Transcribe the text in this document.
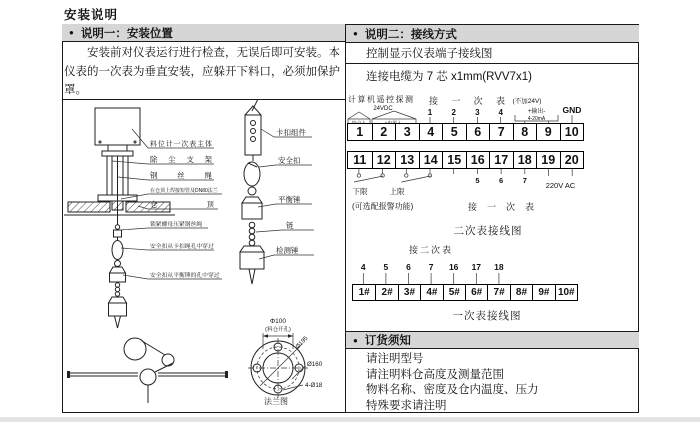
安装说明
● 说明一：安装位置
安装前对仪表运行进行检查，无误后即可安装。本仪表的一次表为垂直安装，应躲开下料口，必须加保护罩。
料位计一次表主体
除尘支架
钢丝绳
在仓顶上焊接短管及DN80法兰
仓顶
锁紧螺母压紧钢丝绳
安全扣从卡扣绳孔中穿过
安全扣从平衡锤的孔中穿过
卡扣组件
安全扣
平衡锤
链
检测锤
Φ100
(料仓开孔)
Ø195
Ø160
4-Ø18
法兰图
● 说明二：接线方式
控制显示仪表端子接线图
连接电缆为 7 芯 x1mm(RVV7x1)
计算机遥控探测
24VDC
接一次表
1 2 3 4
(不加24V)
+输出-
4-20mA
GND
下限	上限
(可选配报警功能)
5	6	7
220V AC
接一次表
二次表接线图
接二次表
4 5 6 7 16 17 18
一次表接线图
1	2	3	4	5	6	7	8	9	10
11 12 13 14 15 16 17 18 19 20
1#	2#	3#	4#	5#	6#	7#	8#	9# 10#
● 订货须知
请注明型号
请注明料仓高度及测量范围
物料名称、密度及仓内温度、压力
特殊要求请注明
